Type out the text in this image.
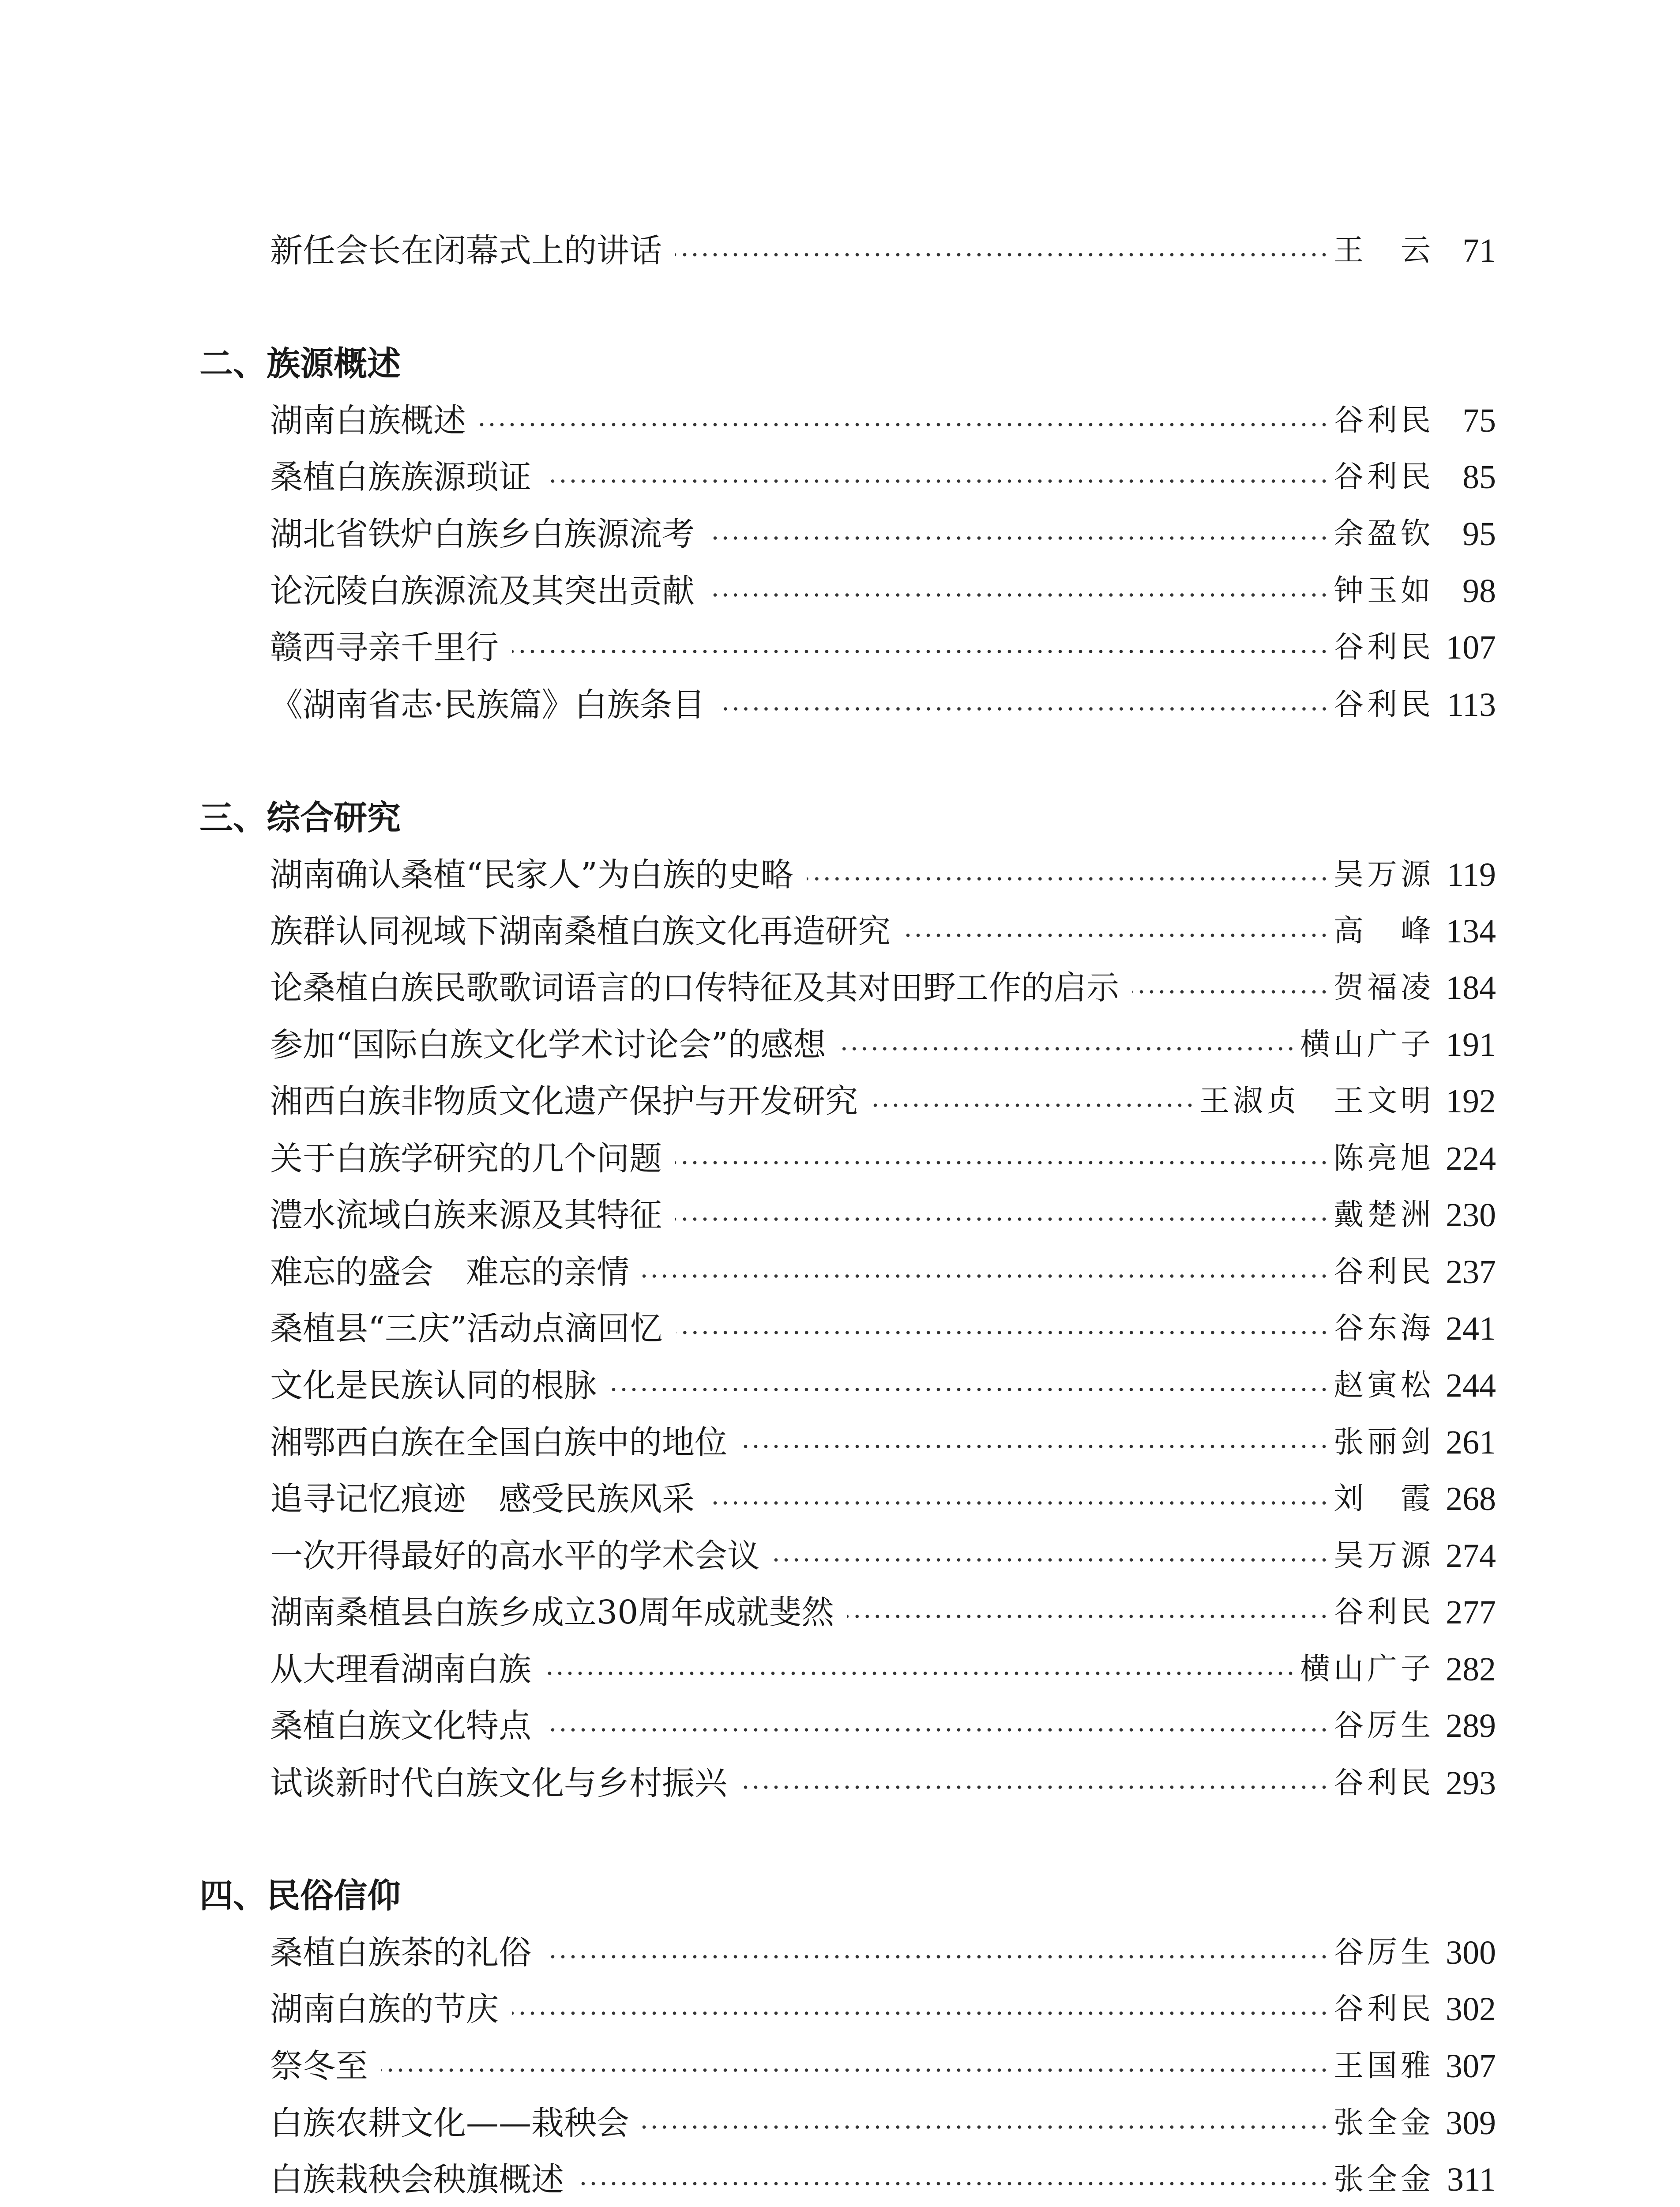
新任会长在闭幕式上的讲话	王　云 71
二、族源概述
湖南白族概述	谷利民 75
桑植白族族源琐证	谷利民 85
湖北省铁炉白族乡白族源流考	余盈钦 95
论沅陵白族源流及其突出贡献	钟玉如 98
赣西寻亲千里行	谷利民 107
《湖南省志·民族篇》白族条目	谷利民 113
三、综合研究
湖南确认桑植“民家人”为白族的史略	吴万源 119
族群认同视域下湖南桑植白族文化再造研究	高　峰 134
论桑植白族民歌歌词语言的口传特征及其对田野工作的启示	贺福凌 184
参加“国际白族文化学术讨论会”的感想	横山广子 191
湘西白族非物质文化遗产保护与开发研究	王淑贞　王文明 192
关于白族学研究的几个问题	陈亮旭 224
澧水流域白族来源及其特征	戴楚洲 230
难忘的盛会　难忘的亲情	谷利民 237
桑植县“三庆”活动点滴回忆	谷东海 241
文化是民族认同的根脉	赵寅松 244
湘鄂西白族在全国白族中的地位	张丽剑 261
追寻记忆痕迹　感受民族风采	刘　霞 268
一次开得最好的高水平的学术会议	吴万源 274
湖南桑植县白族乡成立30周年成就斐然	谷利民 277
从大理看湖南白族	横山广子 282
桑植白族文化特点	谷厉生 289
试谈新时代白族文化与乡村振兴	谷利民 293
四、民俗信仰
桑植白族茶的礼俗	谷厉生 300
湖南白族的节庆	谷利民 302
祭冬至	王国雅 307
白族农耕文化——栽秧会	张全金 309
白族栽秧会秧旗概述	张全金 311
